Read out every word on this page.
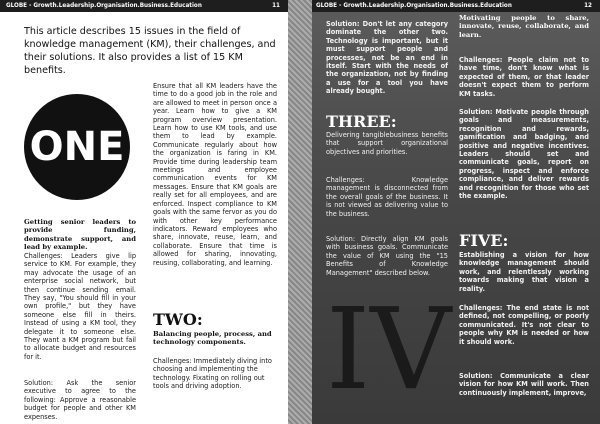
GLOBE - Growth.Leadership.Organisation.Business.Education	11

This article describes 15 issues in the field of knowledge management (KM), their challenges, and their solutions. It also provides a list of 15 KM benefits.

ONE

Getting senior leaders to provide funding, demonstrate support, and lead by example.

Challenges: Leaders give lip service to KM. For example, they may advocate the usage of an enterprise social network, but then continue sending email. They say, "You should fill in your own profile," but they have someone else fill in theirs. Instead of using a KM tool, they delegate it to someone else. They want a KM program but fail to allocate budget and resources for it.

Solution: Ask the senior executive to agree to the following: Approve a reasonable budget for people and other KM expenses.

Ensure that all KM leaders have the time to do a good job in the role and are allowed to meet in person once a year. Learn how to give a KM program overview presentation. Learn how to use KM tools, and use them to lead by example. Communicate regularly about how the organization is faring in KM. Provide time during leadership team meetings and employee communication events for KM messages. Ensure that KM goals are really set for all employees, and are enforced. Inspect compliance to KM goals with the same fervor as you do with other key performance indicators. Reward employees who share, innovate, reuse, learn, and collaborate. Ensure that time is allowed for sharing, innovating, reusing, collaborating, and learning.

TWO:

Balancing people, process, and technology components.

Challenges: Immediately diving into choosing and implementing the technology. Fixating on rolling out tools and driving adoption.

GLOBE - Growth.Leadership.Organisation.Business.Education	12

Solution: Don't let any category dominate the other two. Technology is important, but it must support people and processes, not be an end in itself. Start with the needs of the organization, not by finding a use for a tool you have already bought.

THREE:

Delivering tangiblebusiness benefits that support organizational objectives and priorities.

Challenges: Knowledge management is disconnected from the overall goals of the business. It is not viewed as delivering value to the business.

Solution: Directly align KM goals with business goals. Communicate the value of KM using the "15 Benefits of Knowledge Management" described below.

IV

Motivating people to share, innovate, reuse, collaborate, and learn.

Challenges: People claim not to have time, don't know what is expected of them, or that leader doesn't expect them to perform KM tasks.

Solution: Motivate people through goals and measurements, recognition and rewards, gamification and badging, and positive and negative incentives. Leaders should set and communicate goals, report on progress, inspect and enforce compliance, and deliver rewards and recognition for those who set the example.

FIVE:

Establishing a vision for how knowledge management should work, and relentlessly working towards making that vision a reality.

Challenges: The end state is not defined, not compelling, or poorly communicated. It's not clear to people why KM is needed or how it should work.

Solution: Communicate a clear vision for how KM will work. Then continuously implement, improve,
